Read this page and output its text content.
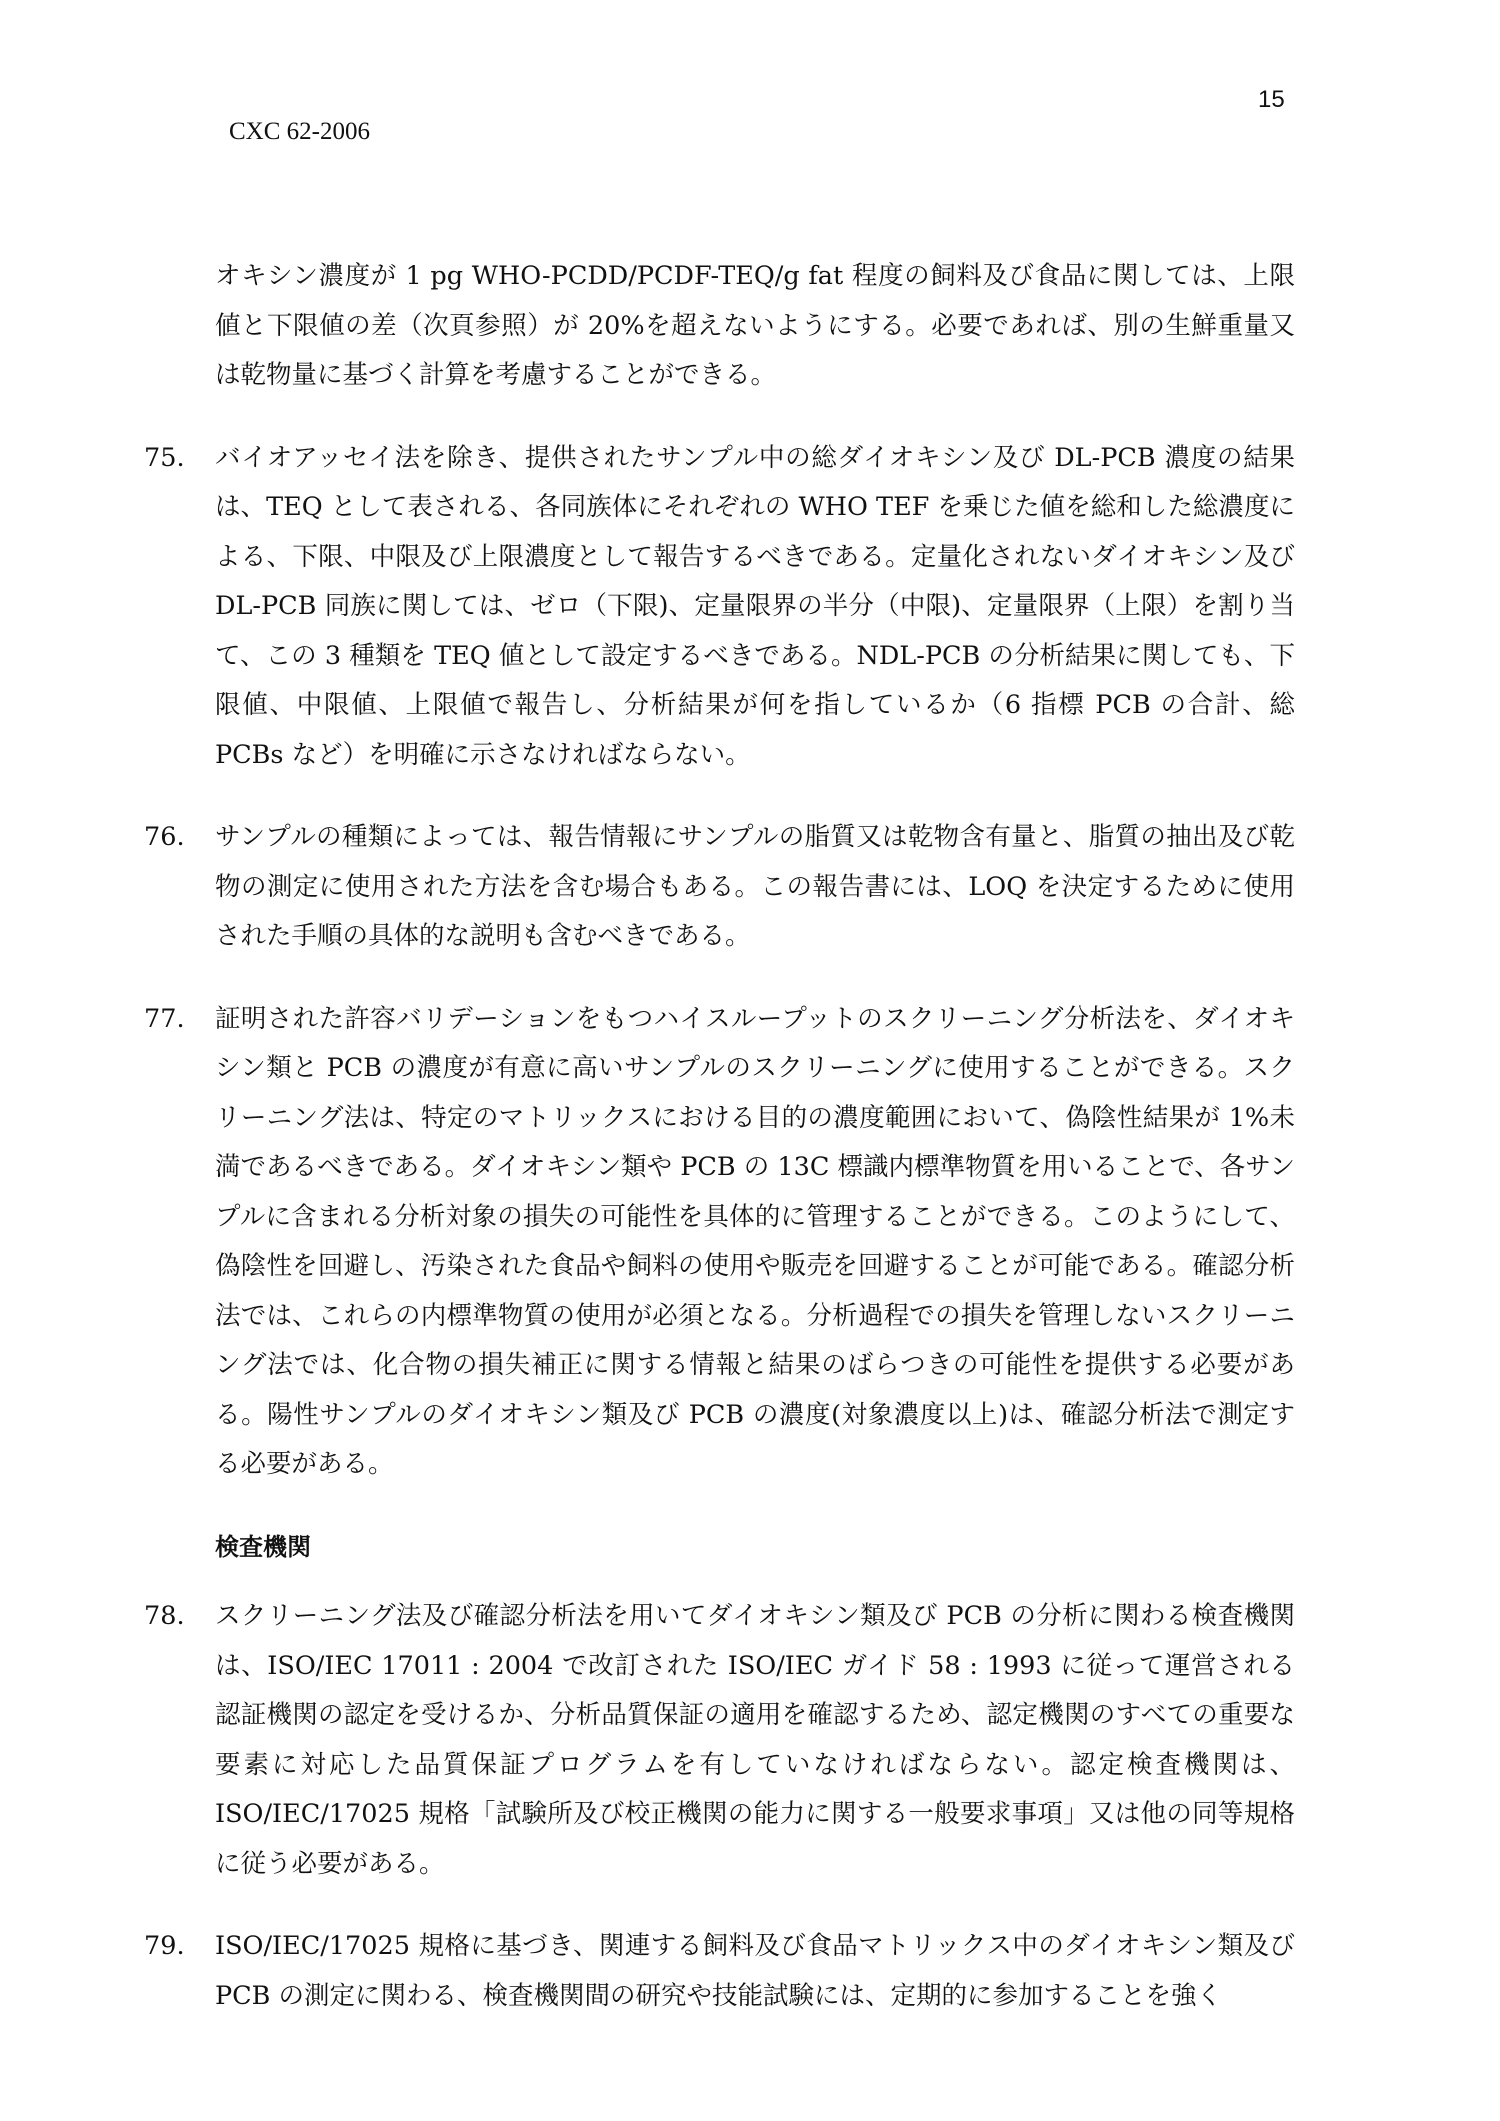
15
CXC 62-2006

オキシン濃度が 1 pg WHO-PCDD/PCDF-TEQ/g fat 程度の飼料及び食品に関しては、上限値と下限値の差（次頁参照）が 20%を超えないようにする。必要であれば、別の生鮮重量又は乾物量に基づく計算を考慮することができる。

75. バイオアッセイ法を除き、提供されたサンプル中の総ダイオキシン及び DL-PCB 濃度の結果は、TEQ として表される、各同族体にそれぞれの WHO TEF を乗じた値を総和した総濃度による、下限、中限及び上限濃度として報告するべきである。定量化されないダイオキシン及び DL-PCB 同族に関しては、ゼロ（下限)、定量限界の半分（中限)、定量限界（上限）を割り当て、この 3 種類を TEQ 値として設定するべきである。NDL-PCB の分析結果に関しても、下限値、中限値、上限値で報告し、分析結果が何を指しているか（6 指標 PCB の合計、総 PCBs など）を明確に示さなければならない。

76. サンプルの種類によっては、報告情報にサンプルの脂質又は乾物含有量と、脂質の抽出及び乾物の測定に使用された方法を含む場合もある。この報告書には、LOQ を決定するために使用された手順の具体的な説明も含むべきである。

77. 証明された許容バリデーションをもつハイスループットのスクリーニング分析法を、ダイオキシン類と PCB の濃度が有意に高いサンプルのスクリーニングに使用することができる。スクリーニング法は、特定のマトリックスにおける目的の濃度範囲において、偽陰性結果が 1%未満であるべきである。ダイオキシン類や PCB の 13C 標識内標準物質を用いることで、各サンプルに含まれる分析対象の損失の可能性を具体的に管理することができる。このようにして、偽陰性を回避し、汚染された食品や飼料の使用や販売を回避することが可能である。確認分析法では、これらの内標準物質の使用が必須となる。分析過程での損失を管理しないスクリーニング法では、化合物の損失補正に関する情報と結果のばらつきの可能性を提供する必要がある。陽性サンプルのダイオキシン類及び PCB の濃度(対象濃度以上)は、確認分析法で測定する必要がある。

検査機関
78. スクリーニング法及び確認分析法を用いてダイオキシン類及び PCB の分析に関わる検査機関は、ISO/IEC 17011 : 2004 で改訂された ISO/IEC ガイド 58 : 1993 に従って運営される認証機関の認定を受けるか、分析品質保証の適用を確認するため、認定機関のすべての重要な要素に対応した品質保証プログラムを有していなければならない。認定検査機関は、ISO/IEC/17025 規格「試験所及び校正機関の能力に関する一般要求事項」又は他の同等規格に従う必要がある。

79. ISO/IEC/17025 規格に基づき、関連する飼料及び食品マトリックス中のダイオキシン類及び PCB の測定に関わる、検査機関間の研究や技能試験には、定期的に参加することを強く
